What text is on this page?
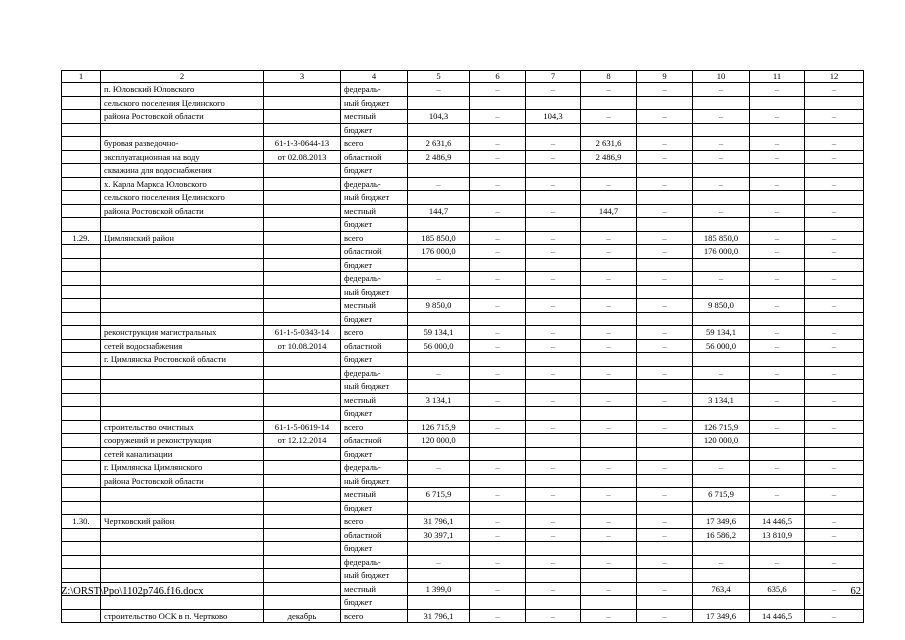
1	2	3	4	5	6	7	8	9	10	11	12
	п. Юловский Юловского		федераль-	–	–	–	–	–	–	–	–
	сельского поселения Целинского		ный бюджет								
	района Ростовской области		местный	104,3	–	104,3	–	–	–	–	–
			бюджет								
	буровая разведочно-	61-1-3-0644-13	всего	2 631,6	–	–	2 631,6	–	–	–	–
	эксплуатационная на воду	от 02.08.2013	областной	2 486,9	–	–	2 486,9	–	–	–	–
	скважина для водоснабжения		бюджет								
	х. Карла Маркса Юловского		федераль-	–	–	–	–	–	–	–	–
	сельского поселения Целинского		ный бюджет								
	района Ростовской области		местный	144,7	–	–	144,7	–	–	–	–
			бюджет								
1.29.	Цимлянский район		всего	185 850,0	–	–	–	–	185 850,0	–	–
			областной	176 000,0	–	–	–	–	176 000,0	–	–
			бюджет								
			федераль-	–	–	–	–	–	–	–	–
			ный бюджет								
			местный	9 850,0	–	–	–	–	9 850,0	–	–
			бюджет								
	реконструкция магистральных	61-1-5-0343-14	всего	59 134,1	–	–	–	–	59 134,1	–	–
	сетей водоснабжения	от 10.08.2014	областной	56 000,0	–	–	–	–	56 000,0	–	–
	г. Цимлянска Ростовской области		бюджет								
			федераль-	–	–	–	–	–	–	–	–
			ный бюджет								
			местный	3 134,1	–	–	–	–	3 134,1	–	–
			бюджет								
	строительство очистных	61-1-5-0619-14	всего	126 715,9	–	–	–	–	126 715,9	–	–
	сооружений и реконструкция	от 12.12.2014	областной	120 000,0					120 000,0		
	сетей канализации		бюджет								
	г. Цимлянска Цимлянского		федераль-	–	–	–	–	–	–	–	–
	района Ростовской области		ный бюджет								
			местный	6 715,9	–	–	–	–	6 715,9	–	–
			бюджет								
1.30.	Чертковский район		всего	31 796,1	–	–	–	–	17 349,6	14 446,5	–
			областной	30 397,1	–	–	–	–	16 586,2	13 810,9	–
			бюджет								
			федераль-	–	–	–	–	–	–	–	–
			ный бюджет								
			местный	1 399,0	–	–	–	–	763,4	635,6	–
			бюджет								
	строительство ОСК в п. Чертково	декабрь	всего	31 796,1	–	–	–	–	17 349,6	14 446,5	–
Z:\ORST\Ppo\1102p746.f16.docx	62
